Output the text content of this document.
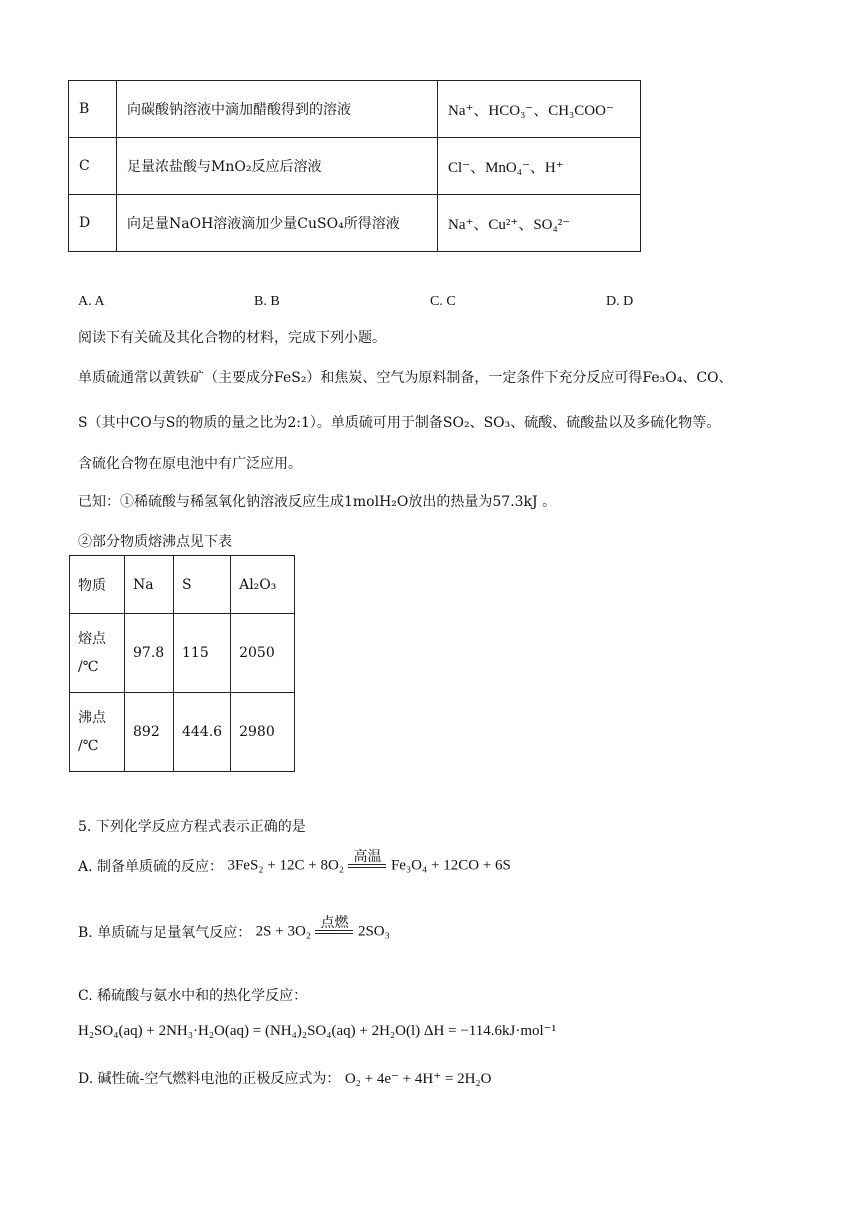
B	向碳酸钠溶液中滴加醋酸得到的溶液	Na⁺、HCO₃⁻、CH₃COO⁻
C	足量浓盐酸与MnO₂反应后溶液	Cl⁻、MnO₄⁻、H⁺
D	向足量NaOH溶液滴加少量CuSO₄所得溶液	Na⁺、Cu²⁺、SO₄²⁻
A. A	B. B	C. C	D. D
阅读下有关硫及其化合物的材料，完成下列小题。
单质硫通常以黄铁矿（主要成分FeS₂）和焦炭、空气为原料制备，一定条件下充分反应可得Fe₃O₄、CO、
S（其中CO与S的物质的量之比为2:1）。单质硫可用于制备SO₂、SO₃、硫酸、硫酸盐以及多硫化物等。
含硫化合物在原电池中有广泛应用。
已知：①稀硫酸与稀氢氧化钠溶液反应生成1molH₂O放出的热量为57.3kJ 。
②部分物质熔沸点见下表
物质	Na	S	Al₂O₃

熔点
/℃	97.8	115	2050

沸点
/℃	892	444.6	2980
5. 下列化学反应方程式表示正确的是
A. 制备单质硫的反应： 3FeS₂ + 12C + 8O₂
高温
Fe₃O₄ + 12CO + 6S
B. 单质硫与足量氧气反应： 2S + 3O₂
点燃
2SO₃
C. 稀硫酸与氨水中和的热化学反应：
H₂SO₄(aq) + 2NH₃·H₂O(aq) = (NH₄)₂SO₄(aq) + 2H₂O(l) ΔH = −114.6kJ·mol⁻¹
D. 碱性硫-空气燃料电池的正极反应式为： O₂ + 4e⁻ + 4H⁺ = 2H₂O
